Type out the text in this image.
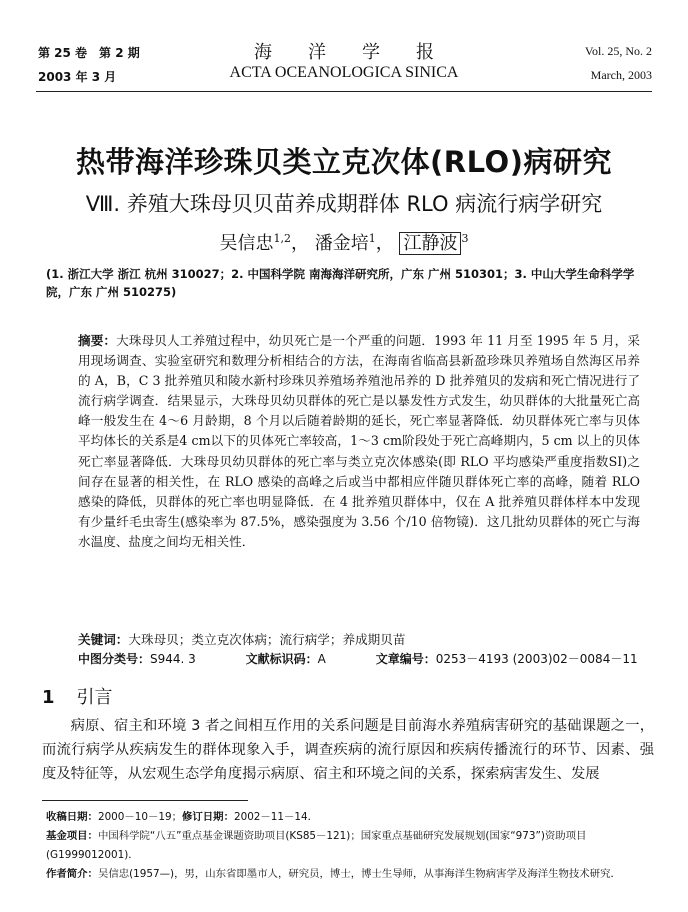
第 25 卷　第 2 期
2003 年 3 月
海　　洋　　学　　报
ACTA OCEANOLOGICA SINICA
Vol. 25, No. 2
March, 2003
热带海洋珍珠贝类立克次体(RLO)病研究
Ⅷ. 养殖大珠母贝贝苗养成期群体 RLO 病流行病学研究
吴信忠$^{1,2}$， 潘金培$^1$， 江静波 $^3$
(1. 浙江大学 浙江 杭州 310027；2. 中国科学院 南海海洋研究所，广东 广州 510301；3. 中山大学生命科学学院，广东 广州 510275)
摘要：大珠母贝人工养殖过程中，幼贝死亡是一个严重的问题．1993 年 11 月至 1995 年 5 月，采用现场调查、实验室研究和数理分析相结合的方法，在海南省临高县新盈珍珠贝养殖场自然海区吊养的 A，B，C 3 批养殖贝和陵水新村珍珠贝养殖场养殖池吊养的 D 批养殖贝的发病和死亡情况进行了流行病学调查．结果显示，大珠母贝幼贝群体的死亡是以暴发性方式发生，幼贝群体的大批量死亡高峰一般发生在 4～6 月龄期，8 个月以后随着龄期的延长，死亡率显著降低．幼贝群体死亡率与贝体平均体长的关系是4 cm以下的贝体死亡率较高，1～3 cm阶段处于死亡高峰期内，5 cm 以上的贝体死亡率显著降低．大珠母贝幼贝群体的死亡率与类立克次体感染(即 RLO 平均感染严重度指数SI)之间存在显著的相关性，在 RLO 感染的高峰之后或当中都相应伴随贝群体死亡率的高峰，随着 RLO 感染的降低，贝群体的死亡率也明显降低．在 4 批养殖贝群体中，仅在 A 批养殖贝群体样本中发现有少量纤毛虫寄生(感染率为 87.5%，感染强度为 3.56 个/10 倍物镜)．这几批幼贝群体的死亡与海水温度、盐度之间均无相关性．
关键词：大珠母贝；类立克次体病；流行病学；养成期贝苗
中图分类号：S944. 3	文献标识码：A	文章编号：0253－4193 (2003)02－0084－11
1 引言
病原、宿主和环境 3 者之间相互作用的关系问题是目前海水养殖病害研究的基础课题之一，而流行病学从疾病发生的群体现象入手，调查疾病的流行原因和疾病传播流行的环节、因素、强度及特征等，从宏观生态学角度揭示病原、宿主和环境之间的关系，探索病害发生、发展
收稿日期：2000－10－19；修订日期：2002－11－14．
基金项目：中国科学院“八五”重点基金课题资助项目(KS85－121)；国家重点基础研究发展规划(国家“973”)资助项目(G1999012001)．
作者简介：吴信忠(1957—)，男，山东省即墨市人，研究员，博士，博士生导师，从事海洋生物病害学及海洋生物技术研究．
